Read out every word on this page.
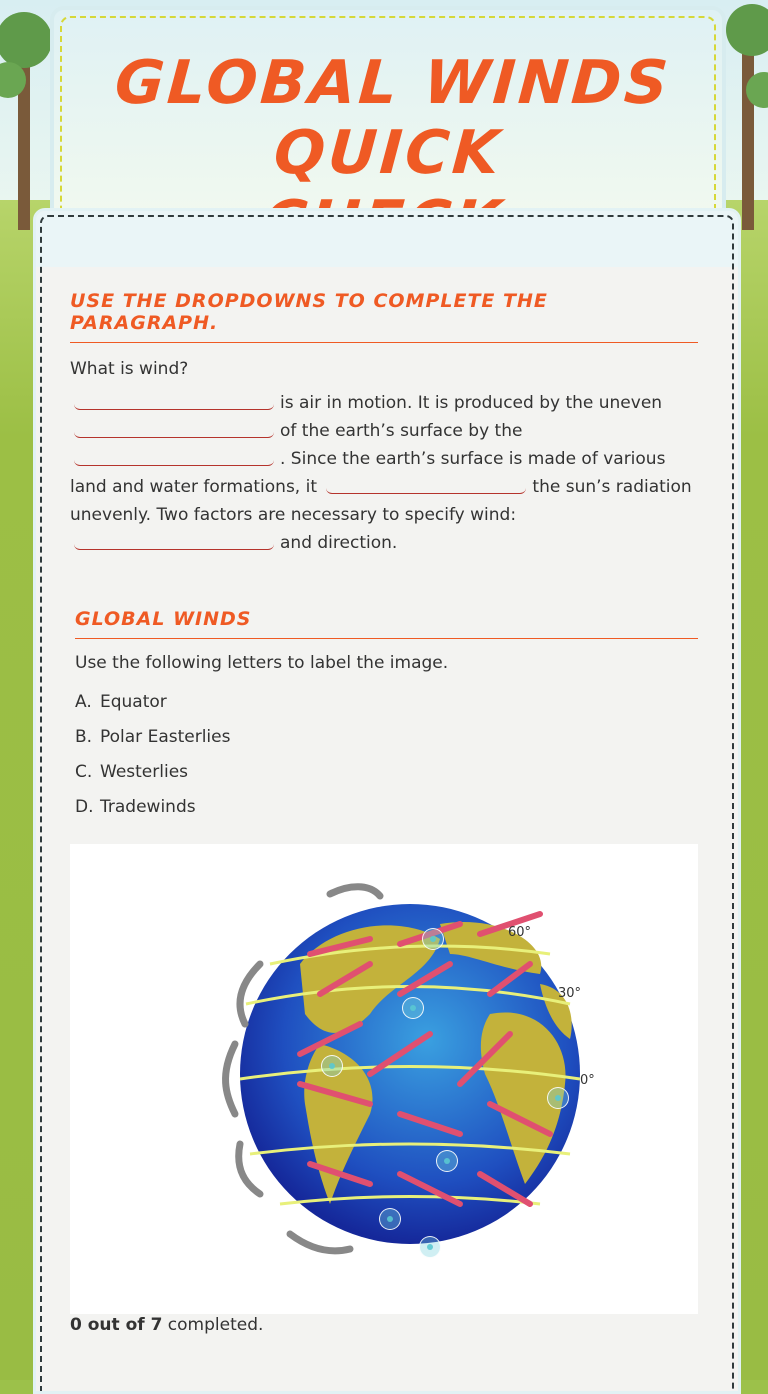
GLOBAL WINDS QUICK
USE THE DROPDOWNS TO COMPLETE THE PARAGRAPH.
What is wind?
is air in motion. It is produced by the uneven of the earth’s surface by the . Since the earth’s surface is made of various land and water formations, it	the sun’s radiation unevenly. Two factors are necessary to specify wind: and direction.
GLOBAL WINDS
Use the following letters to label the image.
A. Equator
B. Polar Easterlies
C. Westerlies
D. Tradewinds
60°
30°
0°
0 out of 7 completed.
